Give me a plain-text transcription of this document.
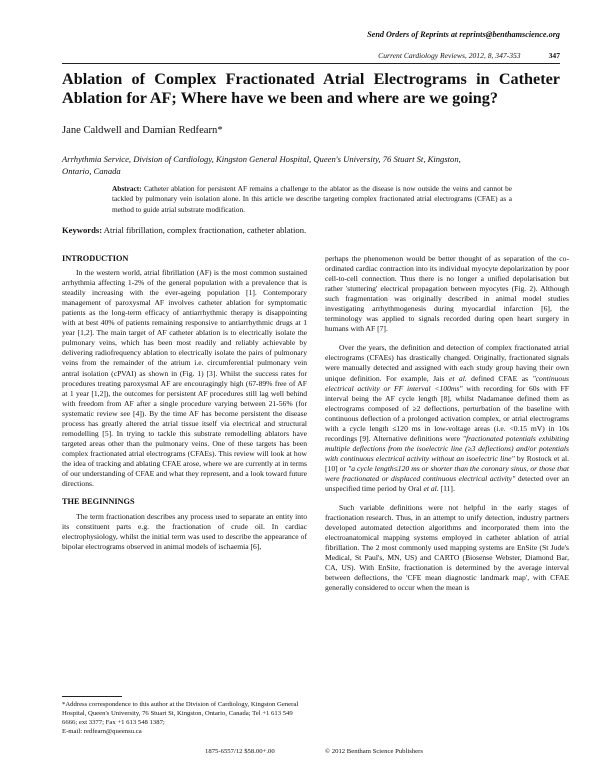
Send Orders of Reprints at reprints@benthamscience.org
Current Cardiology Reviews, 2012, 8, 347-353	347
Ablation of Complex Fractionated Atrial Electrograms in Catheter Ablation for AF; Where have we been and where are we going?
Jane Caldwell and Damian Redfearn*
Arrhythmia Service, Division of Cardiology, Kingston General Hospital, Queen's University, 76 Stuart St, Kingston, Ontario, Canada
Abstract: Catheter ablation for persistent AF remains a challenge to the ablator as the disease is now outside the veins and cannot be tackled by pulmonary vein isolation alone. In this article we describe targeting complex fractionated atrial electrograms (CFAE) as a method to guide atrial substrate modification.
Keywords: Atrial fibrillation, complex fractionation, catheter ablation.
INTRODUCTION

In the western world, atrial fibrillation (AF) is the most common sustained arrhythmia affecting 1-2% of the general population with a prevalence that is steadily increasing with the ever-ageing population [1]. Contemporary management of paroxysmal AF involves catheter ablation for symptomatic patients as the long-term efficacy of antiarrhythmic therapy is disappointing with at best 40% of patients remaining responsive to antiarrhythmic drugs at 1 year [1,2]. The main target of AF catheter ablation is to electrically isolate the pulmonary veins, which has been most readily and reliably achievable by delivering radiofrequency ablation to electrically isolate the pairs of pulmonary veins from the remainder of the atrium i.e. circumferential pulmonary vein antral isolation (cPVAI) as shown in (Fig. 1) [3]. Whilst the success rates for procedures treating paroxysmal AF are encouragingly high (67-89% free of AF at 1 year [1,2]), the outcomes for persistent AF procedures still lag well behind with freedom from AF after a single procedure varying between 21-56% (for systematic review see [4]). By the time AF has become persistent the disease process has greatly altered the atrial tissue itself via electrical and structural remodelling [5]. In trying to tackle this substrate remodelling ablators have targeted areas other than the pulmonary veins. One of these targets has been complex fractionated atrial electrograms (CFAEs). This review will look at how the idea of tracking and ablating CFAE arose, where we are currently at in terms of our understanding of CFAE and what they represent, and a look toward future directions.

THE BEGINNINGS

The term fractionation describes any process used to separate an entity into its constituent parts e.g. the fractionation of crude oil. In cardiac electrophysiology, whilst the initial term was used to describe the appearance of bipolar electrograms observed in animal models of ischaemia [6],

*Address correspondence to this author at the Division of Cardiology, Kingston General Hospital, Queen's University, 76 Stuart St, Kingston, Ontario, Canada; Tel +1 613 549 6666; ext 3377; Fax +1 613 548 1387;
E-mail: redfearn@queensu.ca

perhaps the phenomenon would be better thought of as separation of the co-ordinated cardiac contraction into its individual myocyte depolarization by poor cell-to-cell connection. Thus there is no longer a unified depolarisation but rather 'stuttering' electrical propagation between myocytes (Fig. 2). Although such fragmentation was originally described in animal model studies investigating arrhythmogenesis during myocardial infarction [6], the terminology was applied to signals recorded during open heart surgery in humans with AF [7].

Over the years, the definition and detection of complex fractionated atrial electrograms (CFAEs) has drastically changed. Originally, fractionated signals were manually detected and assigned with each study group having their own unique definition. For example, Jais et al. defined CFAE as "continuous electrical activity or FF interval <100ms" with recording for 60s with FF interval being the AF cycle length [8], whilst Nadamanee defined them as electrograms composed of ≥2 deflections, perturbation of the baseline with continuous deflection of a prolonged activation complex, or atrial electrograms with a cycle length ≤120 ms in low-voltage areas (i.e. <0.15 mV) in 10s recordings [9]. Alternative definitions were "fractionated potentials exhibiting multiple deflections from the isoelectric line (≥3 deflections) and/or potentials with continuous electrical activity without an isoelectric line" by Rostock et al. [10] or "a cycle length≤120 ms or shorter than the coronary sinus, or those that were fractionated or displaced continuous electrical activity" detected over an unspecified time period by Oral et al. [11].

Such variable definitions were not helpful in the early stages of fractionation research. Thus, in an attempt to unify detection, industry partners developed automated detection algorithms and incorporated them into the electroanatomical mapping systems employed in catheter ablation of atrial fibrillation. The 2 most commonly used mapping systems are EnSite (St Jude's Medical, St Paul's, MN, US) and CARTO (Biosense Webster, Diamond Bar, CA, US). With EnSite, fractionation is determined by the average interval between deflections, the 'CFE mean diagnostic landmark map', with CFAE generally considered to occur when the mean is

1875-6557/12 $58.00+.00	© 2012 Bentham Science Publishers
